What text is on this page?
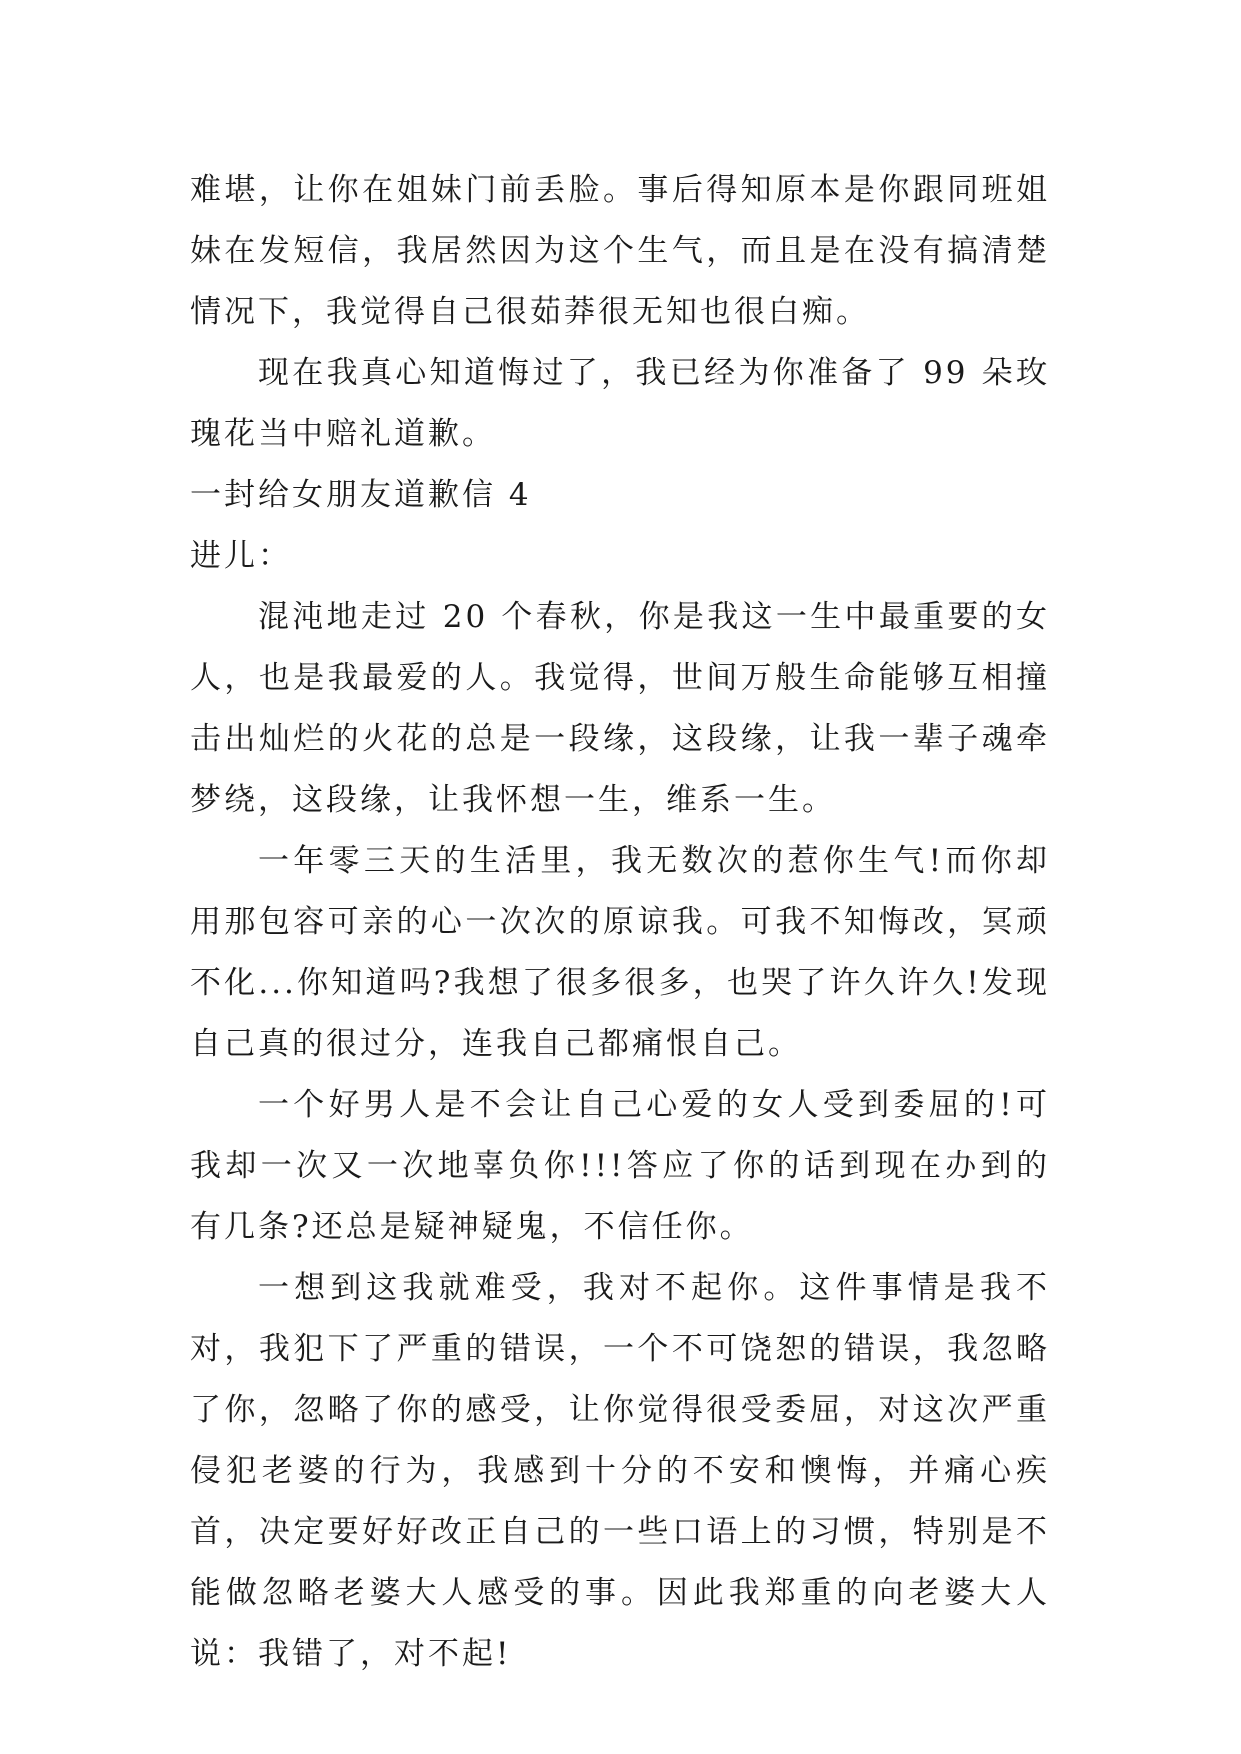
难堪，让你在姐妹门前丢脸。事后得知原本是你跟同班姐妹在发短信，我居然因为这个生气，而且是在没有搞清楚情况下，我觉得自己很茹莽很无知也很白痴。

现在我真心知道悔过了，我已经为你准备了 99 朵玫瑰花当中赔礼道歉。

一封给女朋友道歉信 4

进儿：

混沌地走过 20 个春秋，你是我这一生中最重要的女人，也是我最爱的人。我觉得，世间万般生命能够互相撞击出灿烂的火花的总是一段缘，这段缘，让我一辈子魂牵梦绕，这段缘，让我怀想一生，维系一生。

一年零三天的生活里，我无数次的惹你生气!而你却用那包容可亲的心一次次的原谅我。可我不知悔改，冥顽不化...你知道吗?我想了很多很多，也哭了许久许久!发现自己真的很过分，连我自己都痛恨自己。

一个好男人是不会让自己心爱的女人受到委屈的!可我却一次又一次地辜负你!!!答应了你的话到现在办到的有几条?还总是疑神疑鬼，不信任你。

一想到这我就难受，我对不起你。这件事情是我不对，我犯下了严重的错误，一个不可饶恕的错误，我忽略了你，忽略了你的感受，让你觉得很受委屈，对这次严重侵犯老婆的行为，我感到十分的不安和懊悔，并痛心疾首，决定要好好改正自己的一些口语上的习惯，特别是不能做忽略老婆大人感受的事。因此我郑重的向老婆大人说：我错了，对不起!
